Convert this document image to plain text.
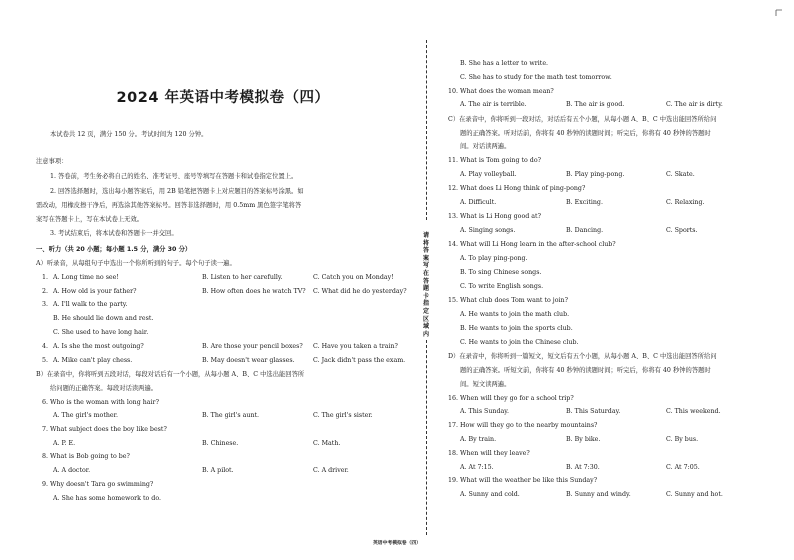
2024 年英语中考模拟卷（四）
本试卷共 12 页，满分 150 分。考试时间为 120 分钟。
注意事项：
1. 答卷前，考生务必将自己的姓名、准考证号、座号等填写在答题卡和试卷指定位置上。
2. 回答选择题时，选出每小题答案后，用 2B 铅笔把答题卡上对应题目的答案标号涂黑。如
需改动，用橡皮擦干净后，再选涂其他答案标号。回答非选择题时，用 0.5mm 黑色签字笔将答
案写在答题卡上，写在本试卷上无效。
3. 考试结束后，将本试卷和答题卡一并交回。
一、听力（共 20 小题；每小题 1.5 分，满分 30 分）
A）听录音，从每组句子中选出一个你所听到的句子。每个句子读一遍。
1. A. Long time no see!	B. Listen to her carefully.	C. Catch you on Monday!
2. A. How old is your father?	B. How often does he watch TV? C. What did he do yesterday?
3. A. I'll walk to the party.
B. He should lie down and rest.
C. She used to have long hair.
4. A. Is she the most outgoing?	B. Are those your pencil boxes? C. Have you taken a train?
5. A. Mike can't play chess.	B. May doesn't wear glasses.	C. Jack didn't pass the exam.
B）在录音中，你将听到五段对话，每段对话后有一个小题，从每小题 A、B、C 中选出能回答所
给问题的正确答案。每段对话读两遍。
6. Who is the woman with long hair?
A. The girl's mother.	B. The girl's aunt.	C. The girl's sister.
7. What subject does the boy like best?
A. P. E.	B. Chinese.	C. Math.
8. What is Bob going to be?
A. A doctor.	B. A pilot.	C. A driver.
9. Why doesn't Tara go swimming?
A. She has some homework to do.
请将答案写在答题卡指定区域内
B. She has a letter to write.
C. She has to study for the math test tomorrow.
10. What does the woman mean?
A. The air is terrible.	B. The air is good.	C. The air is dirty.
C）在录音中，你将听到一段对话，对话后有五个小题，从每小题 A、B、C 中选出能回答所给问
题的正确答案。听对话前，你将有 40 秒钟的读题时间；听完后，你将有 40 秒钟的答题时
间。对话读两遍。
11. What is Tom going to do?
A. Play volleyball.	B. Play ping-pong.	C. Skate.
12. What does Li Hong think of ping-pong?
A. Difficult.	B. Exciting.	C. Relaxing.
13. What is Li Hong good at?
A. Singing songs.	B. Dancing.	C. Sports.
14. What will Li Hong learn in the after-school club?
A. To play ping-pong.
B. To sing Chinese songs.
C. To write English songs.
15. What club does Tom want to join?
A. He wants to join the math club.
B. He wants to join the sports club.
C. He wants to join the Chinese club.
D）在录音中，你将听到一篇短文，短文后有五个小题，从每小题 A、B、C 中选出能回答所给问
题的正确答案。听短文前，你将有 40 秒钟的读题时间；听完后，你将有 40 秒钟的答题时
间。短文读两遍。
16. When will they go for a school trip?
A. This Sunday.	B. This Saturday.	C. This weekend.
17. How will they go to the nearby mountains?
A. By train.	B. By bike.	C. By bus.
18. When will they leave?
A. At 7:15.	B. At 7:30.	C. At 7:05.
19. What will the weather be like this Sunday?
A. Sunny and cold.	B. Sunny and windy.	C. Sunny and hot.
英语中考模拟卷（四）
